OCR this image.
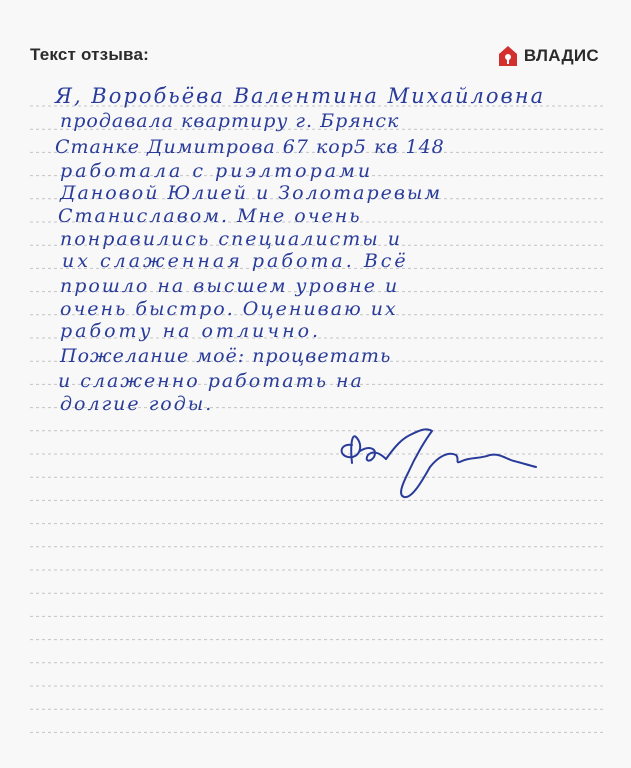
Текст отзыва:	ВЛАДИС
Я, Воробьёва Валентина Михайловна
продавала квартиру г. Брянск
Станке Димитрова 67 кор5 кв 148
работала с риэлторами
Дановой Юлией и Золотаревым
Станиславом. Мне очень
понравились специалисты и
их слаженная работа. Всё
прошло на высшем уровне и
очень быстро. Оцениваю их
работу на отлично.
Пожелание моё: процветать
и слаженно работать на
долгие годы.
